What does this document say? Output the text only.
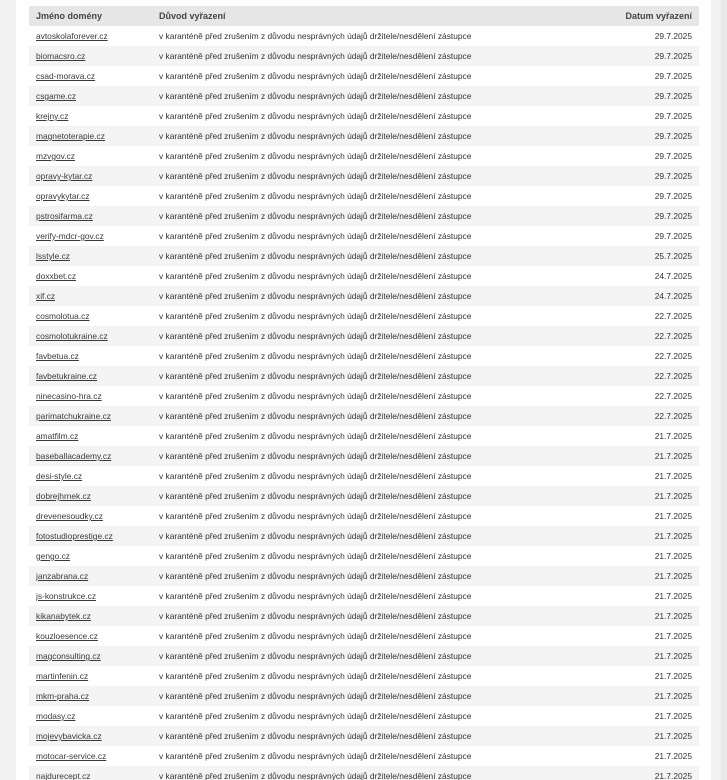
Jméno domény	Důvod vyřazení	Datum vyřazení
avtoskolaforever.cz	v karanténě před zrušením z důvodu nesprávných údajů držitele/nesdělení zástupce	29.7.2025
biomacsro.cz	v karanténě před zrušením z důvodu nesprávných údajů držitele/nesdělení zástupce	29.7.2025
csad-morava.cz	v karanténě před zrušením z důvodu nesprávných údajů držitele/nesdělení zástupce	29.7.2025
csgame.cz	v karanténě před zrušením z důvodu nesprávných údajů držitele/nesdělení zástupce	29.7.2025
krejny.cz	v karanténě před zrušením z důvodu nesprávných údajů držitele/nesdělení zástupce	29.7.2025
magnetoterapie.cz	v karanténě před zrušením z důvodu nesprávných údajů držitele/nesdělení zástupce	29.7.2025
mzvgov.cz	v karanténě před zrušením z důvodu nesprávných údajů držitele/nesdělení zástupce	29.7.2025
opravy-kytar.cz	v karanténě před zrušením z důvodu nesprávných údajů držitele/nesdělení zástupce	29.7.2025
opravykytar.cz	v karanténě před zrušením z důvodu nesprávných údajů držitele/nesdělení zástupce	29.7.2025
pstrosifarma.cz	v karanténě před zrušením z důvodu nesprávných údajů držitele/nesdělení zástupce	29.7.2025
verify-mdcr-gov.cz	v karanténě před zrušením z důvodu nesprávných údajů držitele/nesdělení zástupce	29.7.2025
lsstyle.cz	v karanténě před zrušením z důvodu nesprávných údajů držitele/nesdělení zástupce	25.7.2025
doxxbet.cz	v karanténě před zrušením z důvodu nesprávných údajů držitele/nesdělení zástupce	24.7.2025
xif.cz	v karanténě před zrušením z důvodu nesprávných údajů držitele/nesdělení zástupce	24.7.2025
cosmolotua.cz	v karanténě před zrušením z důvodu nesprávných údajů držitele/nesdělení zástupce	22.7.2025
cosmolotukraine.cz	v karanténě před zrušením z důvodu nesprávných údajů držitele/nesdělení zástupce	22.7.2025
favbetua.cz	v karanténě před zrušením z důvodu nesprávných údajů držitele/nesdělení zástupce	22.7.2025
favbetukraine.cz	v karanténě před zrušením z důvodu nesprávných údajů držitele/nesdělení zástupce	22.7.2025
ninecasino-hra.cz	v karanténě před zrušením z důvodu nesprávných údajů držitele/nesdělení zástupce	22.7.2025
parimatchukraine.cz	v karanténě před zrušením z důvodu nesprávných údajů držitele/nesdělení zástupce	22.7.2025
amatfilm.cz	v karanténě před zrušením z důvodu nesprávných údajů držitele/nesdělení zástupce	21.7.2025
baseballacademy.cz	v karanténě před zrušením z důvodu nesprávných údajů držitele/nesdělení zástupce	21.7.2025
desi-style.cz	v karanténě před zrušením z důvodu nesprávných údajů držitele/nesdělení zástupce	21.7.2025
dobrejhrnek.cz	v karanténě před zrušením z důvodu nesprávných údajů držitele/nesdělení zástupce	21.7.2025
drevenesoudky.cz	v karanténě před zrušením z důvodu nesprávných údajů držitele/nesdělení zástupce	21.7.2025
fotostudioprestige.cz	v karanténě před zrušením z důvodu nesprávných údajů držitele/nesdělení zástupce	21.7.2025
gengo.cz	v karanténě před zrušením z důvodu nesprávných údajů držitele/nesdělení zástupce	21.7.2025
janzabrana.cz	v karanténě před zrušením z důvodu nesprávných údajů držitele/nesdělení zástupce	21.7.2025
js-konstrukce.cz	v karanténě před zrušením z důvodu nesprávných údajů držitele/nesdělení zástupce	21.7.2025
kikanabytek.cz	v karanténě před zrušením z důvodu nesprávných údajů držitele/nesdělení zástupce	21.7.2025
kouzloesence.cz	v karanténě před zrušením z důvodu nesprávných údajů držitele/nesdělení zástupce	21.7.2025
magconsulting.cz	v karanténě před zrušením z důvodu nesprávných údajů držitele/nesdělení zástupce	21.7.2025
martinfenin.cz	v karanténě před zrušením z důvodu nesprávných údajů držitele/nesdělení zástupce	21.7.2025
mkm-praha.cz	v karanténě před zrušením z důvodu nesprávných údajů držitele/nesdělení zástupce	21.7.2025
modasy.cz	v karanténě před zrušením z důvodu nesprávných údajů držitele/nesdělení zástupce	21.7.2025
mojevybavicka.cz	v karanténě před zrušením z důvodu nesprávných údajů držitele/nesdělení zástupce	21.7.2025
motocar-service.cz	v karanténě před zrušením z důvodu nesprávných údajů držitele/nesdělení zástupce	21.7.2025
najdurecept.cz	v karanténě před zrušením z důvodu nesprávných údajů držitele/nesdělení zástupce	21.7.2025
